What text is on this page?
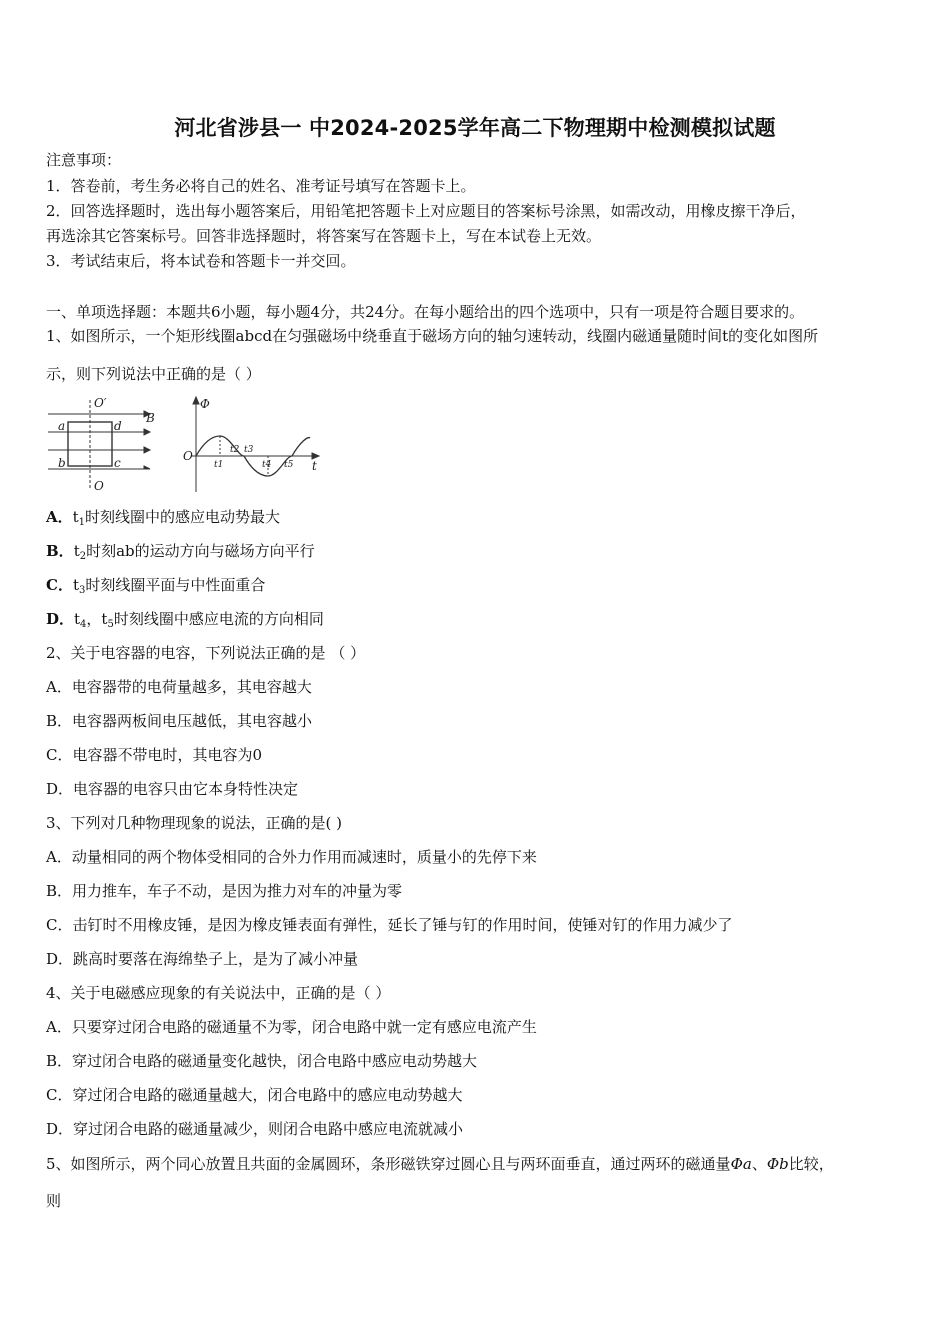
河北省涉县一 中2024-2025学年高二下物理期中检测模拟试题
注意事项：
1．答卷前，考生务必将自己的姓名、准考证号填写在答题卡上。
2．回答选择题时，选出每小题答案后，用铅笔把答题卡上对应题目的答案标号涂黑，如需改动，用橡皮擦干净后，
再选涂其它答案标号。回答非选择题时，将答案写在答题卡上，写在本试卷上无效。
3．考试结束后，将本试卷和答题卡一并交回。
一、单项选择题：本题共6小题，每小题4分，共24分。在每小题给出的四个选项中，只有一项是符合题目要求的。
1、如图所示，一个矩形线圈abcd在匀强磁场中绕垂直于磁场方向的轴匀速转动，线圈内磁通量随时间t的变化如图所
示，则下列说法中正确的是（ ）
O′
O
B
a
b	c
d
Φ
O
t
t1
t2 t3
t4 t5
A．$t_1$时刻线圈中的感应电动势最大
B．$t_2$时刻ab的运动方向与磁场方向平行
C．$t_3$时刻线圈平面与中性面重合
D．$t_4$，$t_5$时刻线圈中感应电流的方向相同
2、关于电容器的电容，下列说法正确的是 （ ）
A．电容器带的电荷量越多，其电容越大
B．电容器两板间电压越低，其电容越小
C．电容器不带电时，其电容为0
D．电容器的电容只由它本身特性决定
3、下列对几种物理现象的说法，正确的是( )
A．动量相同的两个物体受相同的合外力作用而减速时，质量小的先停下来
B．用力推车，车子不动，是因为推力对车的冲量为零
C．击钉时不用橡皮锤，是因为橡皮锤表面有弹性，延长了锤与钉的作用时间，使锤对钉的作用力减少了
D．跳高时要落在海绵垫子上，是为了减小冲量
4、关于电磁感应现象的有关说法中，正确的是（ ）
A．只要穿过闭合电路的磁通量不为零，闭合电路中就一定有感应电流产生
B．穿过闭合电路的磁通量变化越快，闭合电路中感应电动势越大
C．穿过闭合电路的磁通量越大，闭合电路中的感应电动势越大
D．穿过闭合电路的磁通量减少，则闭合电路中感应电流就减小
5、如图所示，两个同心放置且共面的金属圆环，条形磁铁穿过圆心且与两环面垂直，通过两环的磁通量Φa、Φb比较，
则
